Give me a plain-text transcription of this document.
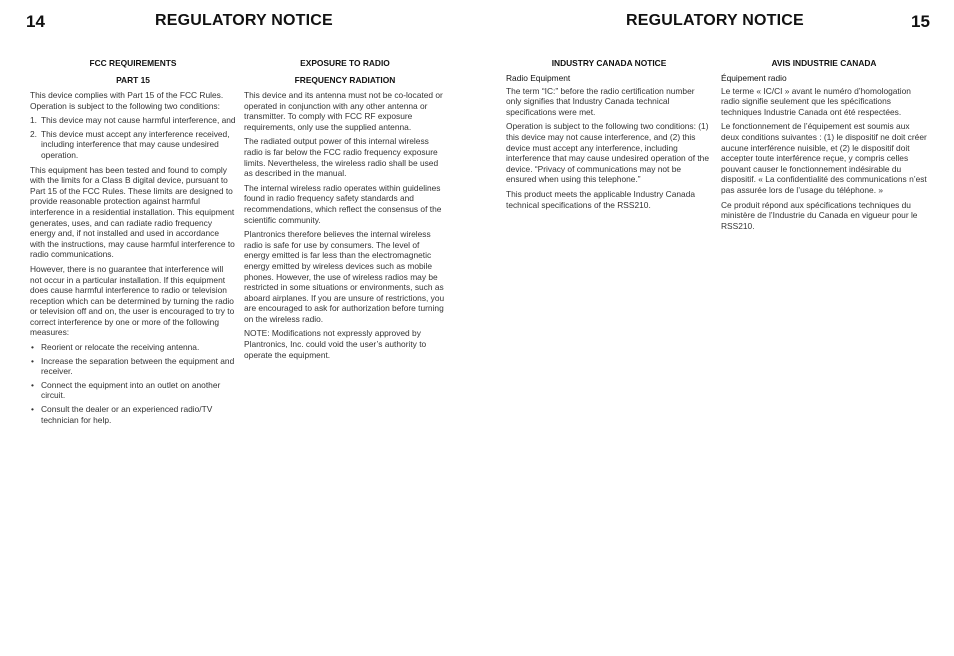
14	REGULATORY NOTICE
FCC REQUIREMENTS
PART 15

This device complies with Part 15 of the FCC Rules. Operation is subject to the following two conditions:

1. This device may not cause harmful interference, and
2. This device must accept any interference received, including interference that may cause undesired operation.

This equipment has been tested and found to comply with the limits for a Class B digital device, pursuant to Part 15 of the FCC Rules. These limits are designed to provide reasonable protection against harmful interference in a residential installation. This equipment generates, uses, and can radiate radio frequency energy and, if not installed and used in accordance with the instructions, may cause harmful interference to radio communications.

However, there is no guarantee that interference will not occur in a particular installation. If this equipment does cause harmful interference to radio or television reception which can be determined by turning the radio or television off and on, the user is encouraged to try to correct interference by one or more of the following measures:

• Reorient or relocate the receiving antenna.
• Increase the separation between the equipment and receiver.
• Connect the equipment into an outlet on another circuit.
• Consult the dealer or an experienced radio/TV technician for help.
EXPOSURE TO RADIO
FREQUENCY RADIATION

This device and its antenna must not be co-located or operated in conjunction with any other antenna or transmitter. To comply with FCC RF exposure requirements, only use the supplied antenna.

The radiated output power of this internal wireless radio is far below the FCC radio frequency exposure limits. Nevertheless, the wireless radio shall be used as described in the manual.

The internal wireless radio operates within guidelines found in radio frequency safety standards and recommendations, which reflect the consensus of the scientific community.

Plantronics therefore believes the internal wireless radio is safe for use by consumers. The level of energy emitted is far less than the electromagnetic energy emitted by wireless devices such as mobile phones. However, the use of wireless radios may be restricted in some situations or environments, such as aboard airplanes. If you are unsure of restrictions, you are encouraged to ask for authorization before turning on the wireless radio.

NOTE: Modifications not expressly approved by Plantronics, Inc. could void the user’s authority to operate the equipment.

REGULATORY NOTICE	15
INDUSTRY CANADA NOTICE

Radio Equipment

The term “IC:” before the radio certification number only signifies that Industry Canada technical specifications were met.

Operation is subject to the following two conditions: (1) this device may not cause interference, and (2) this device must accept any interference, including interference that may cause undesired operation of the device. “Privacy of communications may not be ensured when using this telephone.”

This product meets the applicable Industry Canada technical specifications of the RSS210.

AVIS INDUSTRIE CANADA

Équipement radio

Le terme « IC/CI » avant le numéro d’homologation radio signifie seulement que les spécifications techniques Industrie Canada ont été respectées.

Le fonctionnement de l’équipement est soumis aux deux conditions suivantes : (1) le dispositif ne doit créer aucune interférence nuisible, et (2) le dispositif doit accepter toute interférence reçue, y compris celles pouvant causer le fonctionnement indésirable du dispositif. « La confidentialité des communications n’est pas assurée lors de l’usage du téléphone. »

Ce produit répond aux spécifications techniques du ministère de l’Industrie du Canada en vigueur pour le RSS210.
